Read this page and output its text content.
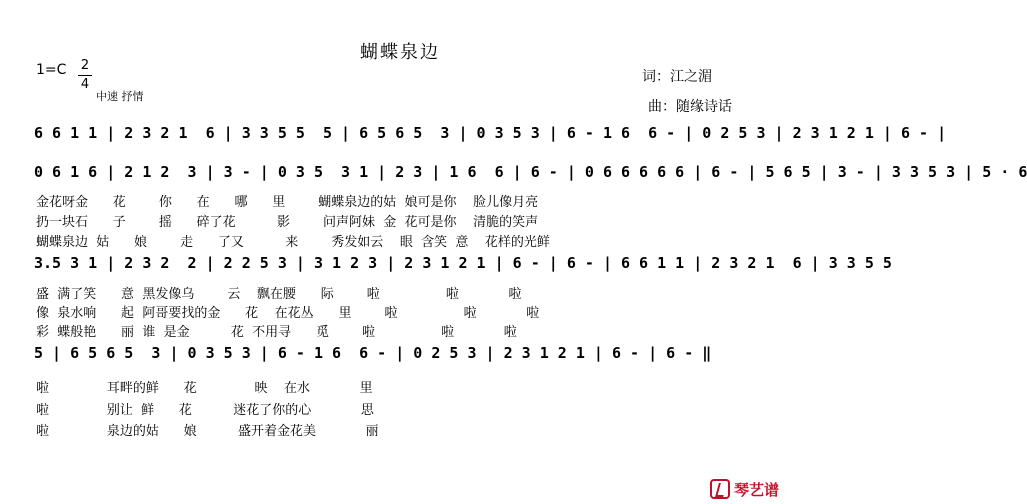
蝴蝶泉边
1=C 2
4
中速 抒情
词：江之湄
曲：随缘诗话
6 6 1 1 | 2 3 2 1  6 | 3 3 5 5  5 | 6 5 6 5  3 | 0 3 5 3 | 6 - 1 6  6 - | 0 2 5 3 | 2 3 1 2 1 | 6 - |
0 6 1 6 | 2 1 2  3 | 3 - | 0 3 5  3 1 | 2 3 | 1 6  6 | 6 - | 0 6 6 6 6 6 | 6 - | 5 6 5 | 3 - | 3 3 5 3 | 5 · 6
金花呀金      花        你      在      哪      里        蝴蝶泉边的姑  娘可是你    脸儿像月亮
扔一块石      子        摇      碎了花          影        问声阿妹  金  花可是你    清脆的笑声
蝴蝶泉边  姑      娘        走      了又          来        秀发如云    眼  含笑  意    花样的光鲜
3.5 3 1 | 2 3 2  2 | 2 2 5 3 | 3 1 2 3 | 2 3 1 2 1 | 6 - | 6 - | 6 6 1 1 | 2 3 2 1  6 | 3 3 5 5
盛  满了笑      意  黑发像乌        云    飘在腰      际        啦                啦            啦
像  泉水响      起  阿哥要找的金      花    在花丛      里        啦                啦            啦
彩  蝶般艳      丽  谁  是金          花  不用寻      觅        啦                啦            啦
5 | 6 5 6 5  3 | 0 3 5 3 | 6 - 1 6  6 - | 0 2 5 3 | 2 3 1 2 1 | 6 - | 6 - ‖
啦              耳畔的鲜      花              映    在水            里
啦              别让  鲜      花          迷花了你的心            思
啦              泉边的姑      娘          盛开着金花美            丽
琴艺谱
